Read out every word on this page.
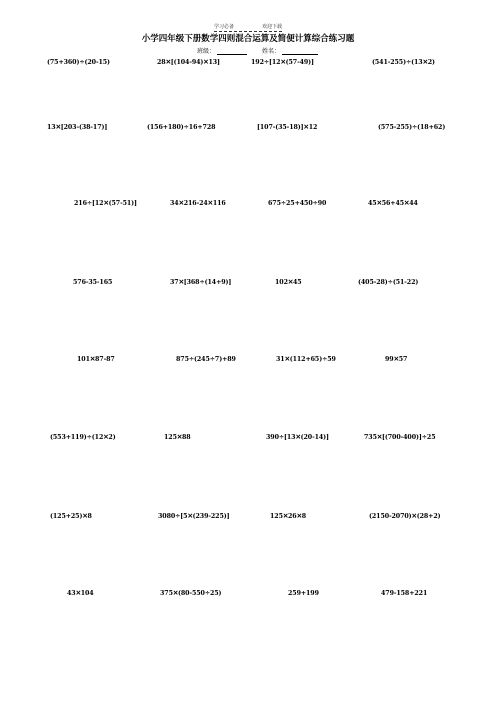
学习必备	欢迎下载
小学四年级下册数学四则混合运算及简便计算综合练习题
班级：	姓名：
(75+360)÷(20-15)	28✕[(104-94)✕13]	192÷[12✕(57-49)]	(541-255)÷(13✕2)
13✕[203-(38-17)]	(156+180)÷16+728	[107-(35-18)]✕12	(575-255)÷(18+62)
216÷[12✕(57-51)]	34✕216-24✕116	675÷25+450÷90	45✕56+45✕44
576-35-165	37✕[368÷(14+9)]	102✕45	(405-28)÷(51-22)
101✕87-87	875÷(245÷7)+89	31✕(112+65)÷59	99✕57
(553+119)÷(12✕2)	125✕88	390÷[13✕(20-14)]	735✕[(700-400)]÷25
(125+25)✕8	3080÷[5✕(239-225)]	125✕26✕8	(2150-2070)✕(28+2)
43✕104	375✕(80-550÷25)	259+199	479-158+221
